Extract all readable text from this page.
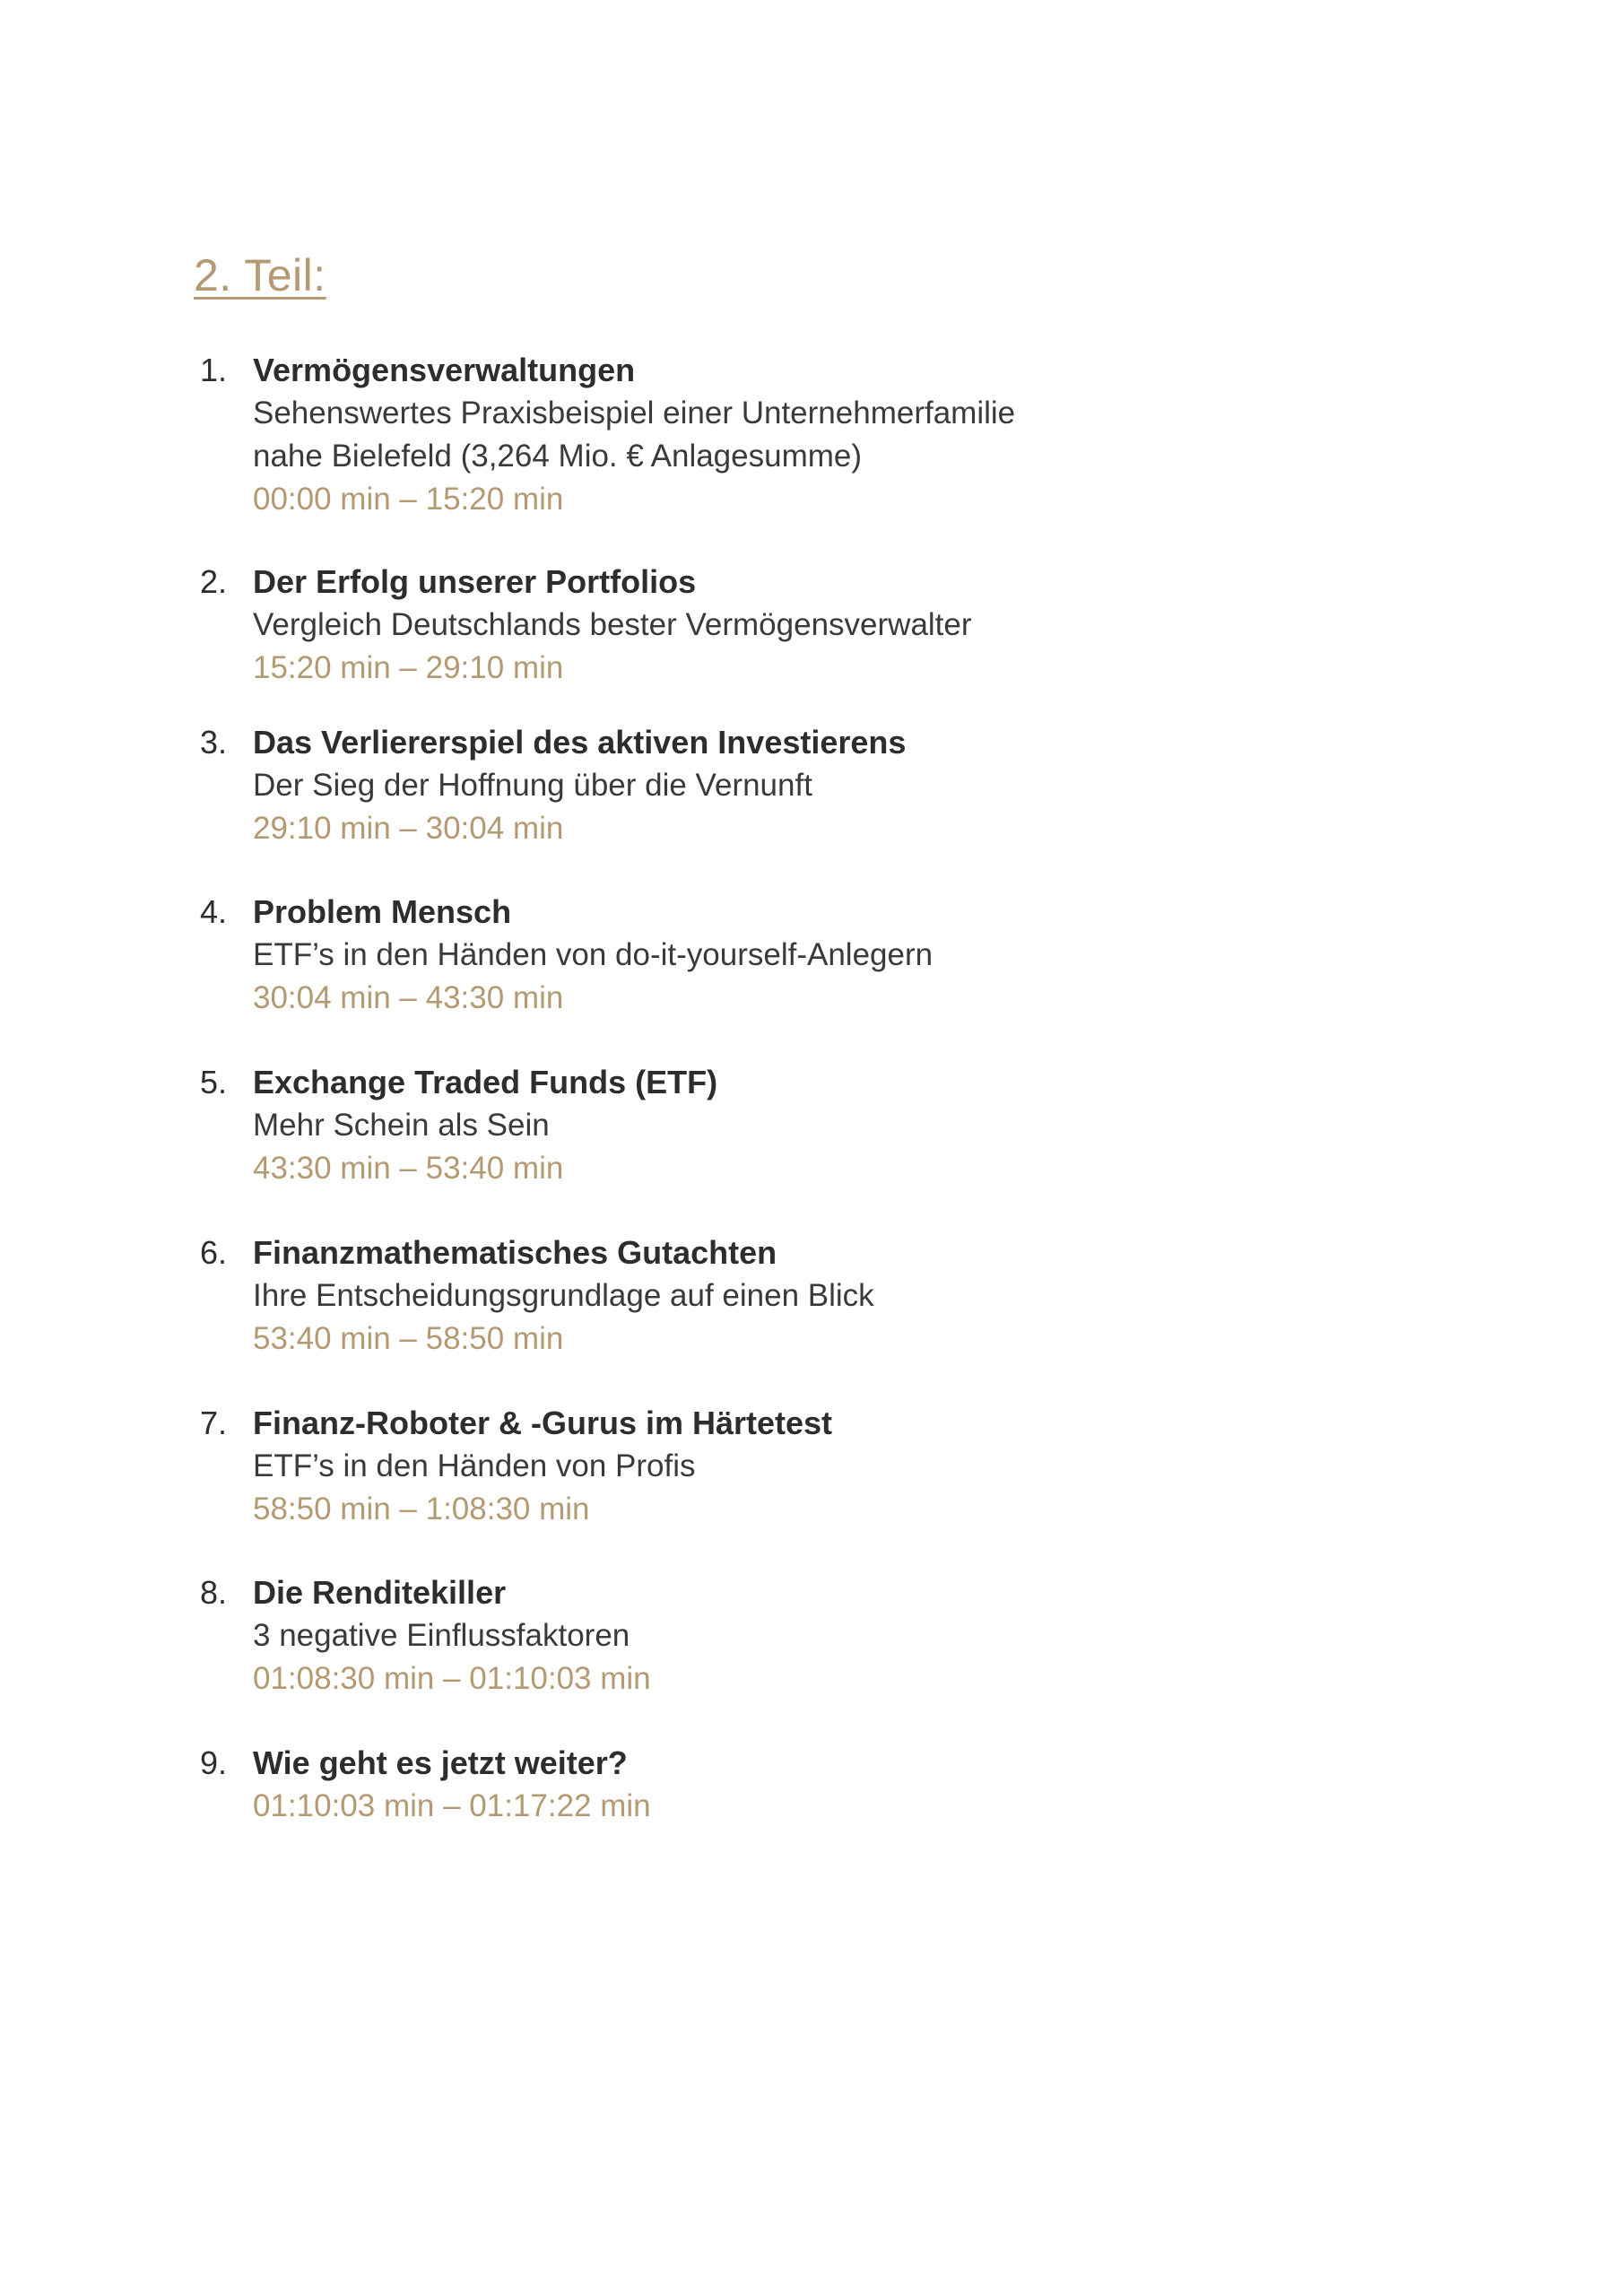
2. Teil:
1. Vermögensverwaltungen
Sehenswertes Praxisbeispiel einer Unternehmerfamilie
nahe Bielefeld (3,264 Mio. € Anlagesumme)
00:00 min – 15:20 min
2. Der Erfolg unserer Portfolios
Vergleich Deutschlands bester Vermögensverwalter
15:20 min – 29:10 min
3. Das Verliererspiel des aktiven Investierens
Der Sieg der Hoffnung über die Vernunft
29:10 min – 30:04 min
4. Problem Mensch
ETF’s in den Händen von do-it-yourself-Anlegern
30:04 min – 43:30 min
5. Exchange Traded Funds (ETF)
Mehr Schein als Sein
43:30 min – 53:40 min
6. Finanzmathematisches Gutachten
Ihre Entscheidungsgrundlage auf einen Blick
53:40 min – 58:50 min
7. Finanz-Roboter & -Gurus im Härtetest
ETF’s in den Händen von Profis
58:50 min – 1:08:30 min
8. Die Renditekiller
3 negative Einflussfaktoren
01:08:30 min – 01:10:03 min
9. Wie geht es jetzt weiter?
01:10:03 min – 01:17:22 min
